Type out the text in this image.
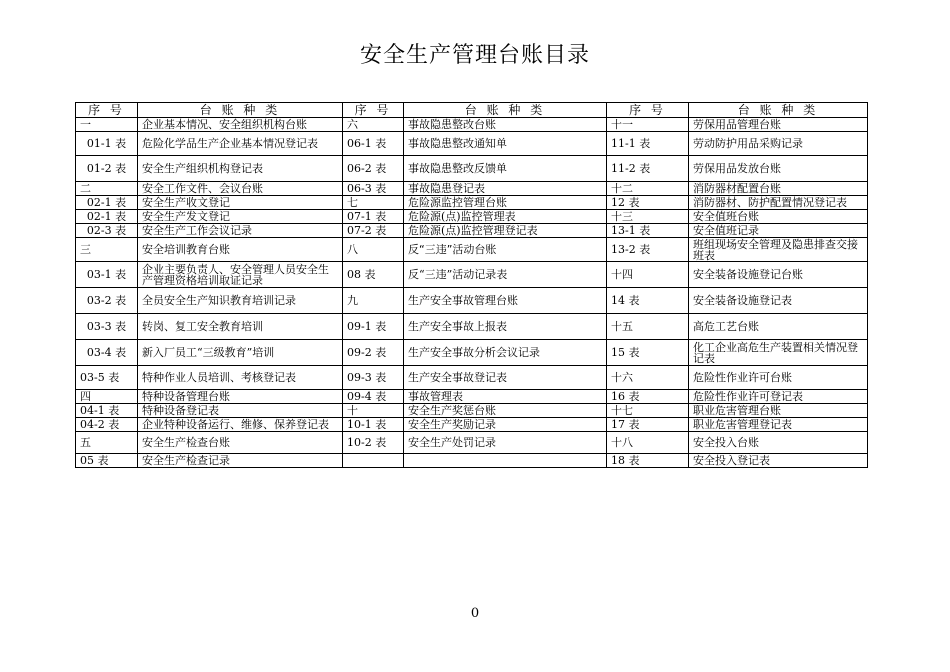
安全生产管理台账目录
序 号	台 账 种 类	序 号	台 账 种 类	序 号	台 账 种 类
一	企业基本情况、安全组织机构台账	六	事故隐患整改台账	十一	劳保用品管理台账
01-1 表	危险化学品生产企业基本情况登记表	06-1 表	事故隐患整改通知单	11-1 表	劳动防护用品采购记录
01-2 表	安全生产组织机构登记表	06-2 表	事故隐患整改反馈单	11-2 表	劳保用品发放台账
二	安全工作文件、会议台账	06-3 表	事故隐患登记表	十二	消防器材配置台账
02-1 表	安全生产收文登记	七	危险源监控管理台账	12 表	消防器材、防护配置情况登记表
02-1 表	安全生产发文登记	07-1 表	危险源(点)监控管理表	十三	安全值班台账
02-3 表	安全生产工作会议记录	07-2 表	危险源(点)监控管理登记表	13-1 表	安全值班记录
三	安全培训教育台账	八	反“三违”活动台账	13-2 表	班组现场安全管理及隐患排查交接班表
03-1 表	企业主要负责人、安全管理人员安全生产管理资格培训取证记录	08 表	反“三违”活动记录表	十四	安全装备设施登记台账
03-2 表	全员安全生产知识教育培训记录	九	生产安全事故管理台账	14 表	安全装备设施登记表
03-3 表	转岗、复工安全教育培训	09-1 表	生产安全事故上报表	十五	高危工艺台账
03-4 表	新入厂员工“三级教育”培训	09-2 表	生产安全事故分析会议记录	15 表	化工企业高危生产装置相关情况登记表
03-5 表	特种作业人员培训、考核登记表	09-3 表	生产安全事故登记表	十六	危险性作业许可台账
四	特种设备管理台账	09-4 表	事故管理表	16 表	危险性作业许可登记表
04-1 表	特种设备登记表	十	安全生产奖惩台账	十七	职业危害管理台账
04-2 表	企业特种设备运行、维修、保养登记表	10-1 表	安全生产奖励记录	17 表	职业危害管理登记表
五	安全生产检查台账	10-2 表	安全生产处罚记录	十八	安全投入台账
05 表	安全生产检查记录			18 表	安全投入登记表
0
